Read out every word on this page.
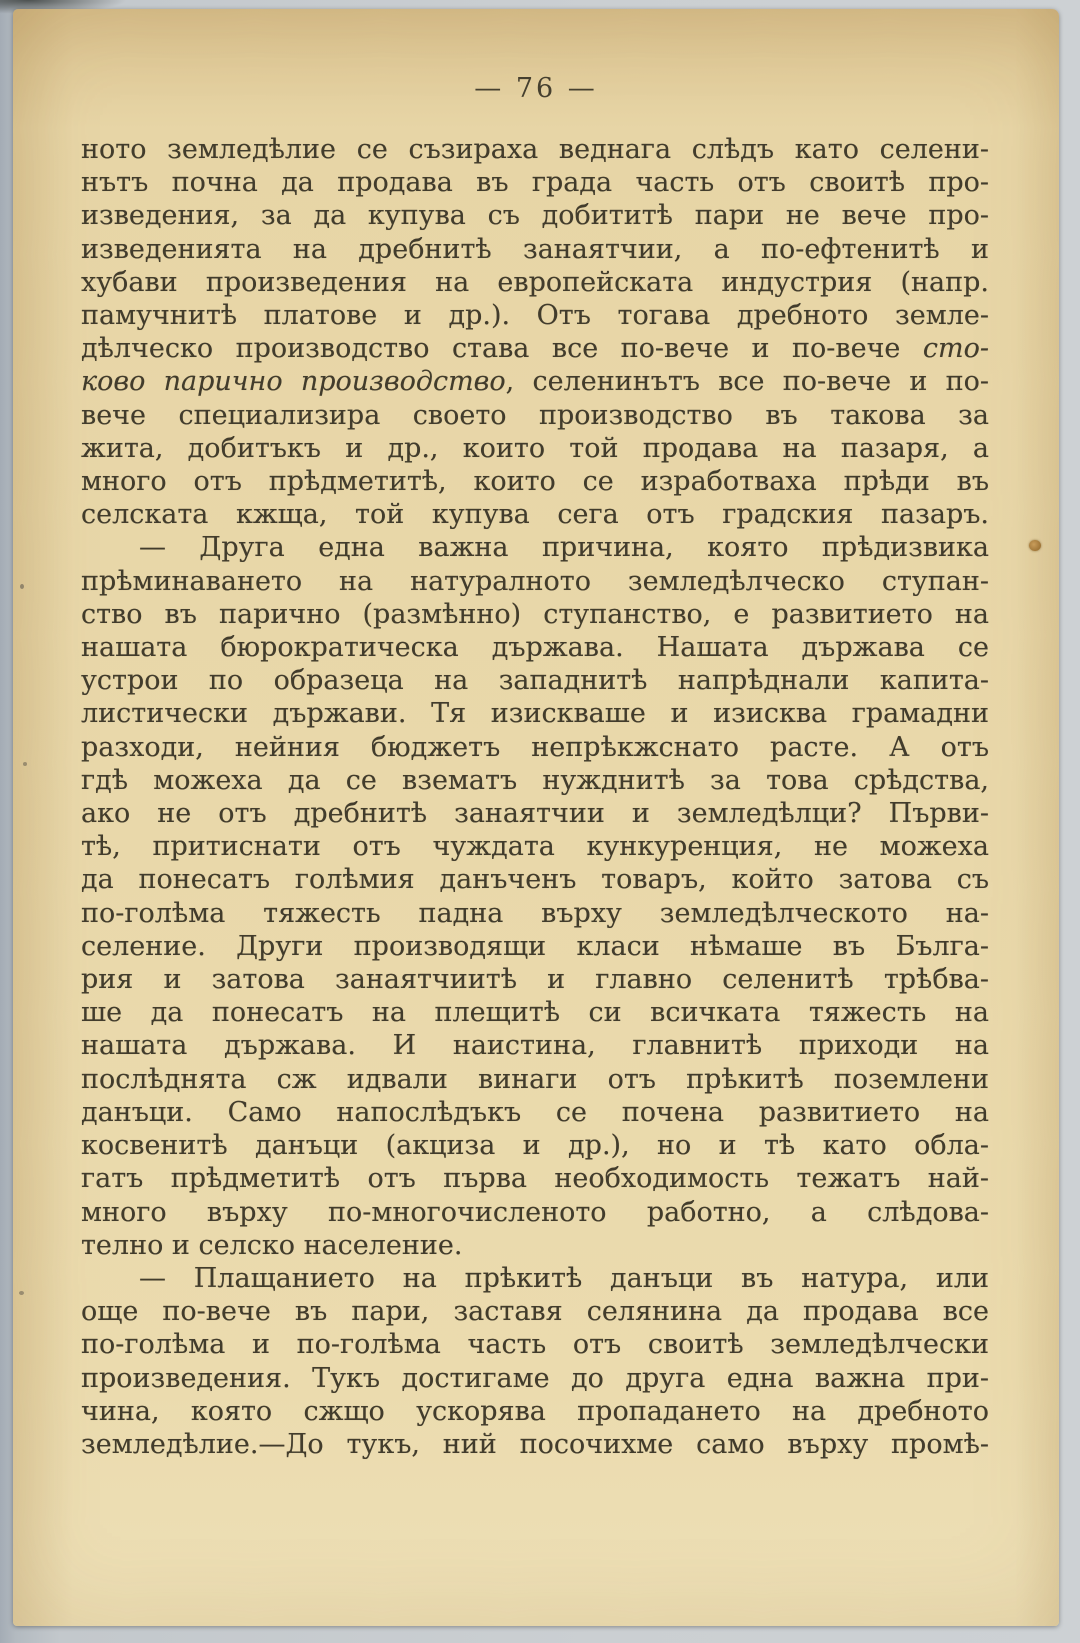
— 76 —
ното земледѣлие се съзираха веднага слѣдъ като селени-
нътъ почна да продава въ града часть отъ своитѣ про-
изведения, за да купува съ добититѣ пари не вече про-
изведенията на дребнитѣ занаятчии, а по-ефтенитѣ и
хубави произведения на европейската индустрия (напр.
памучнитѣ платове и др.). Отъ тогава дребното земле-
дѣлческо производство става все по-вече и по-вече сто-
ково парично производство, селенинътъ все по-вече и по-
вече специализира своето производство въ такова за
жита, добитъкъ и др., които той продава на пазаря, а
много отъ прѣдметитѣ, които се изработваха прѣди въ
селската кжща, той купува сега отъ градския пазаръ.
— Друга една важна причина, която прѣдизвика
прѣминаването на натуралното земледѣлческо ступан-
ство въ парично (размѣнно) ступанство, е развитието на
нашата бюрократическа държава. Нашата държава се
устрои по образеца на западнитѣ напрѣднали капита-
листически държави. Тя изискваше и изисква грамадни
разходи, нейния бюджетъ непрѣкжснато расте. А отъ
гдѣ можеха да се взематъ нужднитѣ за това срѣдства,
ако не отъ дребнитѣ занаятчии и земледѣлци? Първи-
тѣ, притиснати отъ чуждата кункуренция, не можеха
да понесатъ голѣмия данъченъ товаръ, който затова съ
по-голѣма тяжесть падна върху земледѣлческото на-
селение. Други производящи класи нѣмаше въ Бълга-
рия и затова занаятчиитѣ и главно селенитѣ трѣбва-
ше да понесатъ на плещитѣ си всичката тяжесть на
нашата държава. И наистина, главнитѣ приходи на
послѣднята сж идвали винаги отъ прѣкитѣ поземлени
данъци. Само напослѣдъкъ се почена развитието на
косвенитѣ данъци (акциза и др.), но и тѣ като обла-
гатъ прѣдметитѣ отъ първа необходимость тежатъ най-
много върху по-многочисленото работно, а слѣдова-
телно и селско население.
— Плащанието на прѣкитѣ данъци въ натура, или
още по-вече въ пари, заставя селянина да продава все
по-голѣма и по-голѣма часть отъ своитѣ земледѣлчески
произведения. Тукъ достигаме до друга една важна при-
чина, която сжщо ускорява пропадането на дребното
земледѣлие.—До тукъ, ний посочихме само върху промѣ-
